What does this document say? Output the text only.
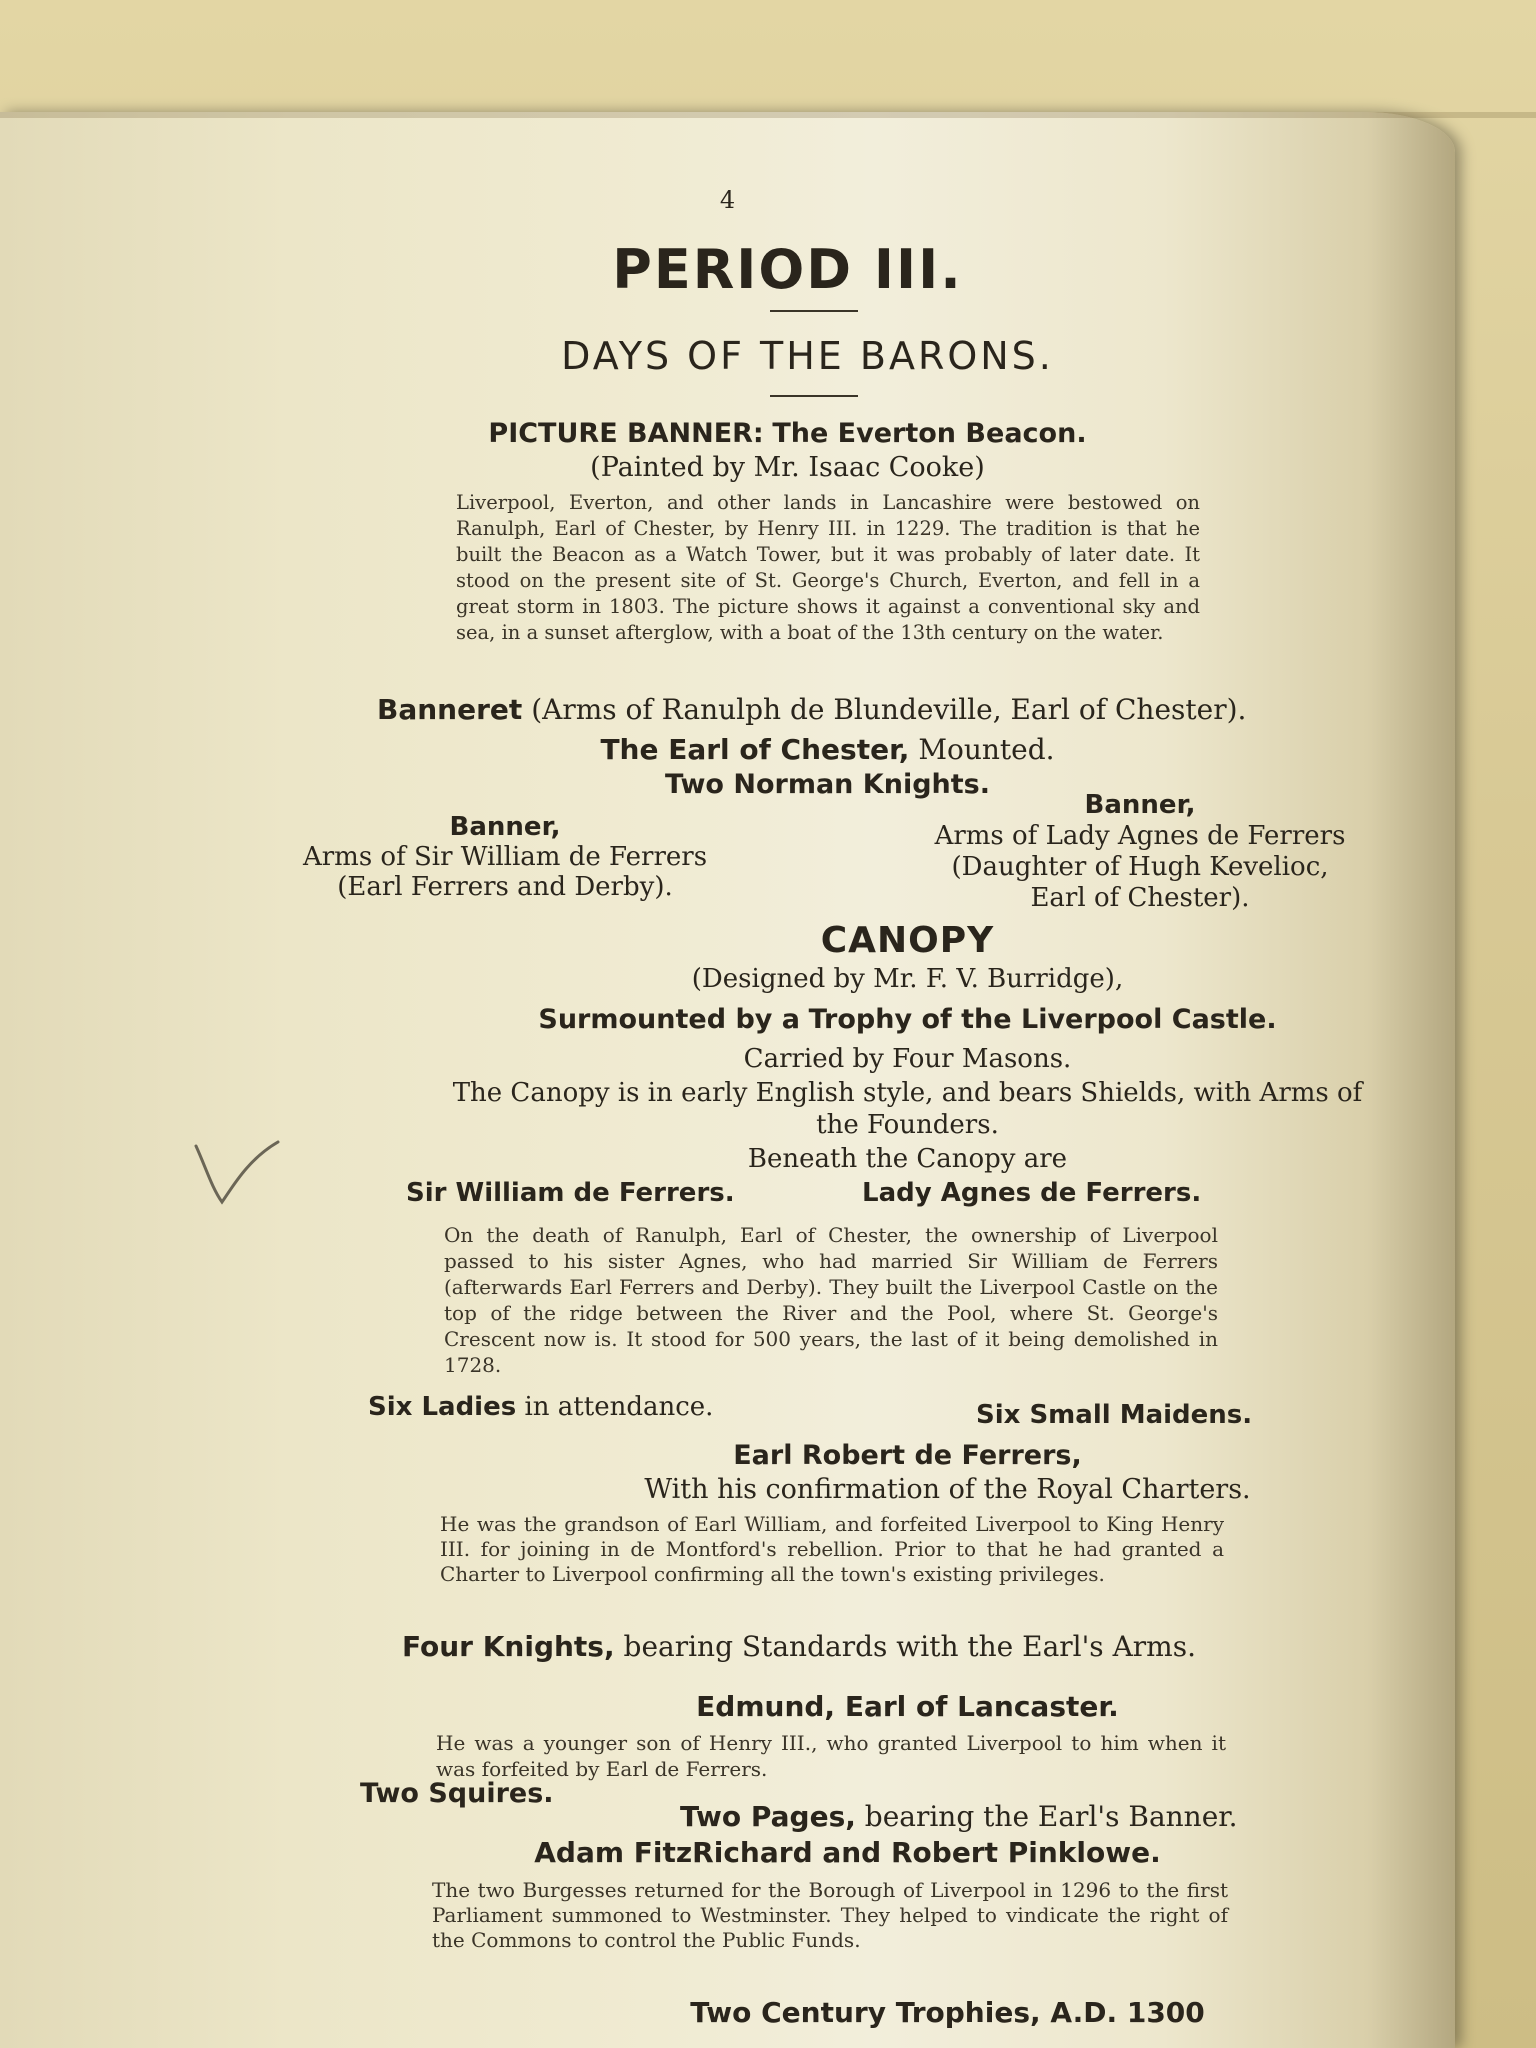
4
PERIOD III.
DAYS OF THE BARONS.
PICTURE BANNER: The Everton Beacon.
(Painted by Mr. Isaac Cooke)
Liverpool, Everton, and other lands in Lancashire were bestowed on Ranulph, Earl of Chester, by Henry III. in 1229. The tradition is that he built the Beacon as a Watch Tower, but it was probably of later date. It stood on the present site of St. George's Church, Everton, and fell in a great storm in 1803. The picture shows it against a conventional sky and sea, in a sunset afterglow, with a boat of the 13th century on the water.
Banneret (Arms of Ranulph de Blundeville, Earl of Chester).
The Earl of Chester, Mounted.
Two Norman Knights.
Banner,
Arms of Sir William de Ferrers
(Earl Ferrers and Derby).
Banner,
Arms of Lady Agnes de Ferrers
(Daughter of Hugh Kevelioc,
Earl of Chester).
CANOPY
(Designed by Mr. F. V. Burridge),
Surmounted by a Trophy of the Liverpool Castle.
Carried by Four Masons.
The Canopy is in early English style, and bears Shields, with Arms of
the Founders.
Beneath the Canopy are
Sir William de Ferrers.	Lady Agnes de Ferrers.
On the death of Ranulph, Earl of Chester, the ownership of Liverpool passed to his sister Agnes, who had married Sir William de Ferrers (afterwards Earl Ferrers and Derby). They built the Liverpool Castle on the top of the ridge between the River and the Pool, where St. George's Crescent now is. It stood for 500 years, the last of it being demolished in 1728.
Six Ladies in attendance.	Six Small Maidens.
Earl Robert de Ferrers,
With his confirmation of the Royal Charters.
He was the grandson of Earl William, and forfeited Liverpool to King Henry III. for joining in de Montford's rebellion. Prior to that he had granted a Charter to Liverpool confirming all the town's existing privileges.
Four Knights, bearing Standards with the Earl's Arms.
Edmund, Earl of Lancaster.
He was a younger son of Henry III., who granted Liverpool to him when it was forfeited by Earl de Ferrers.
Two Squires.
Two Pages, bearing the Earl's Banner.
Adam FitzRichard and Robert Pinklowe.
The two Burgesses returned for the Borough of Liverpool in 1296 to the first Parliament summoned to Westminster. They helped to vindicate the right of the Commons to control the Public Funds.
Two Century Trophies, A.D. 1300
